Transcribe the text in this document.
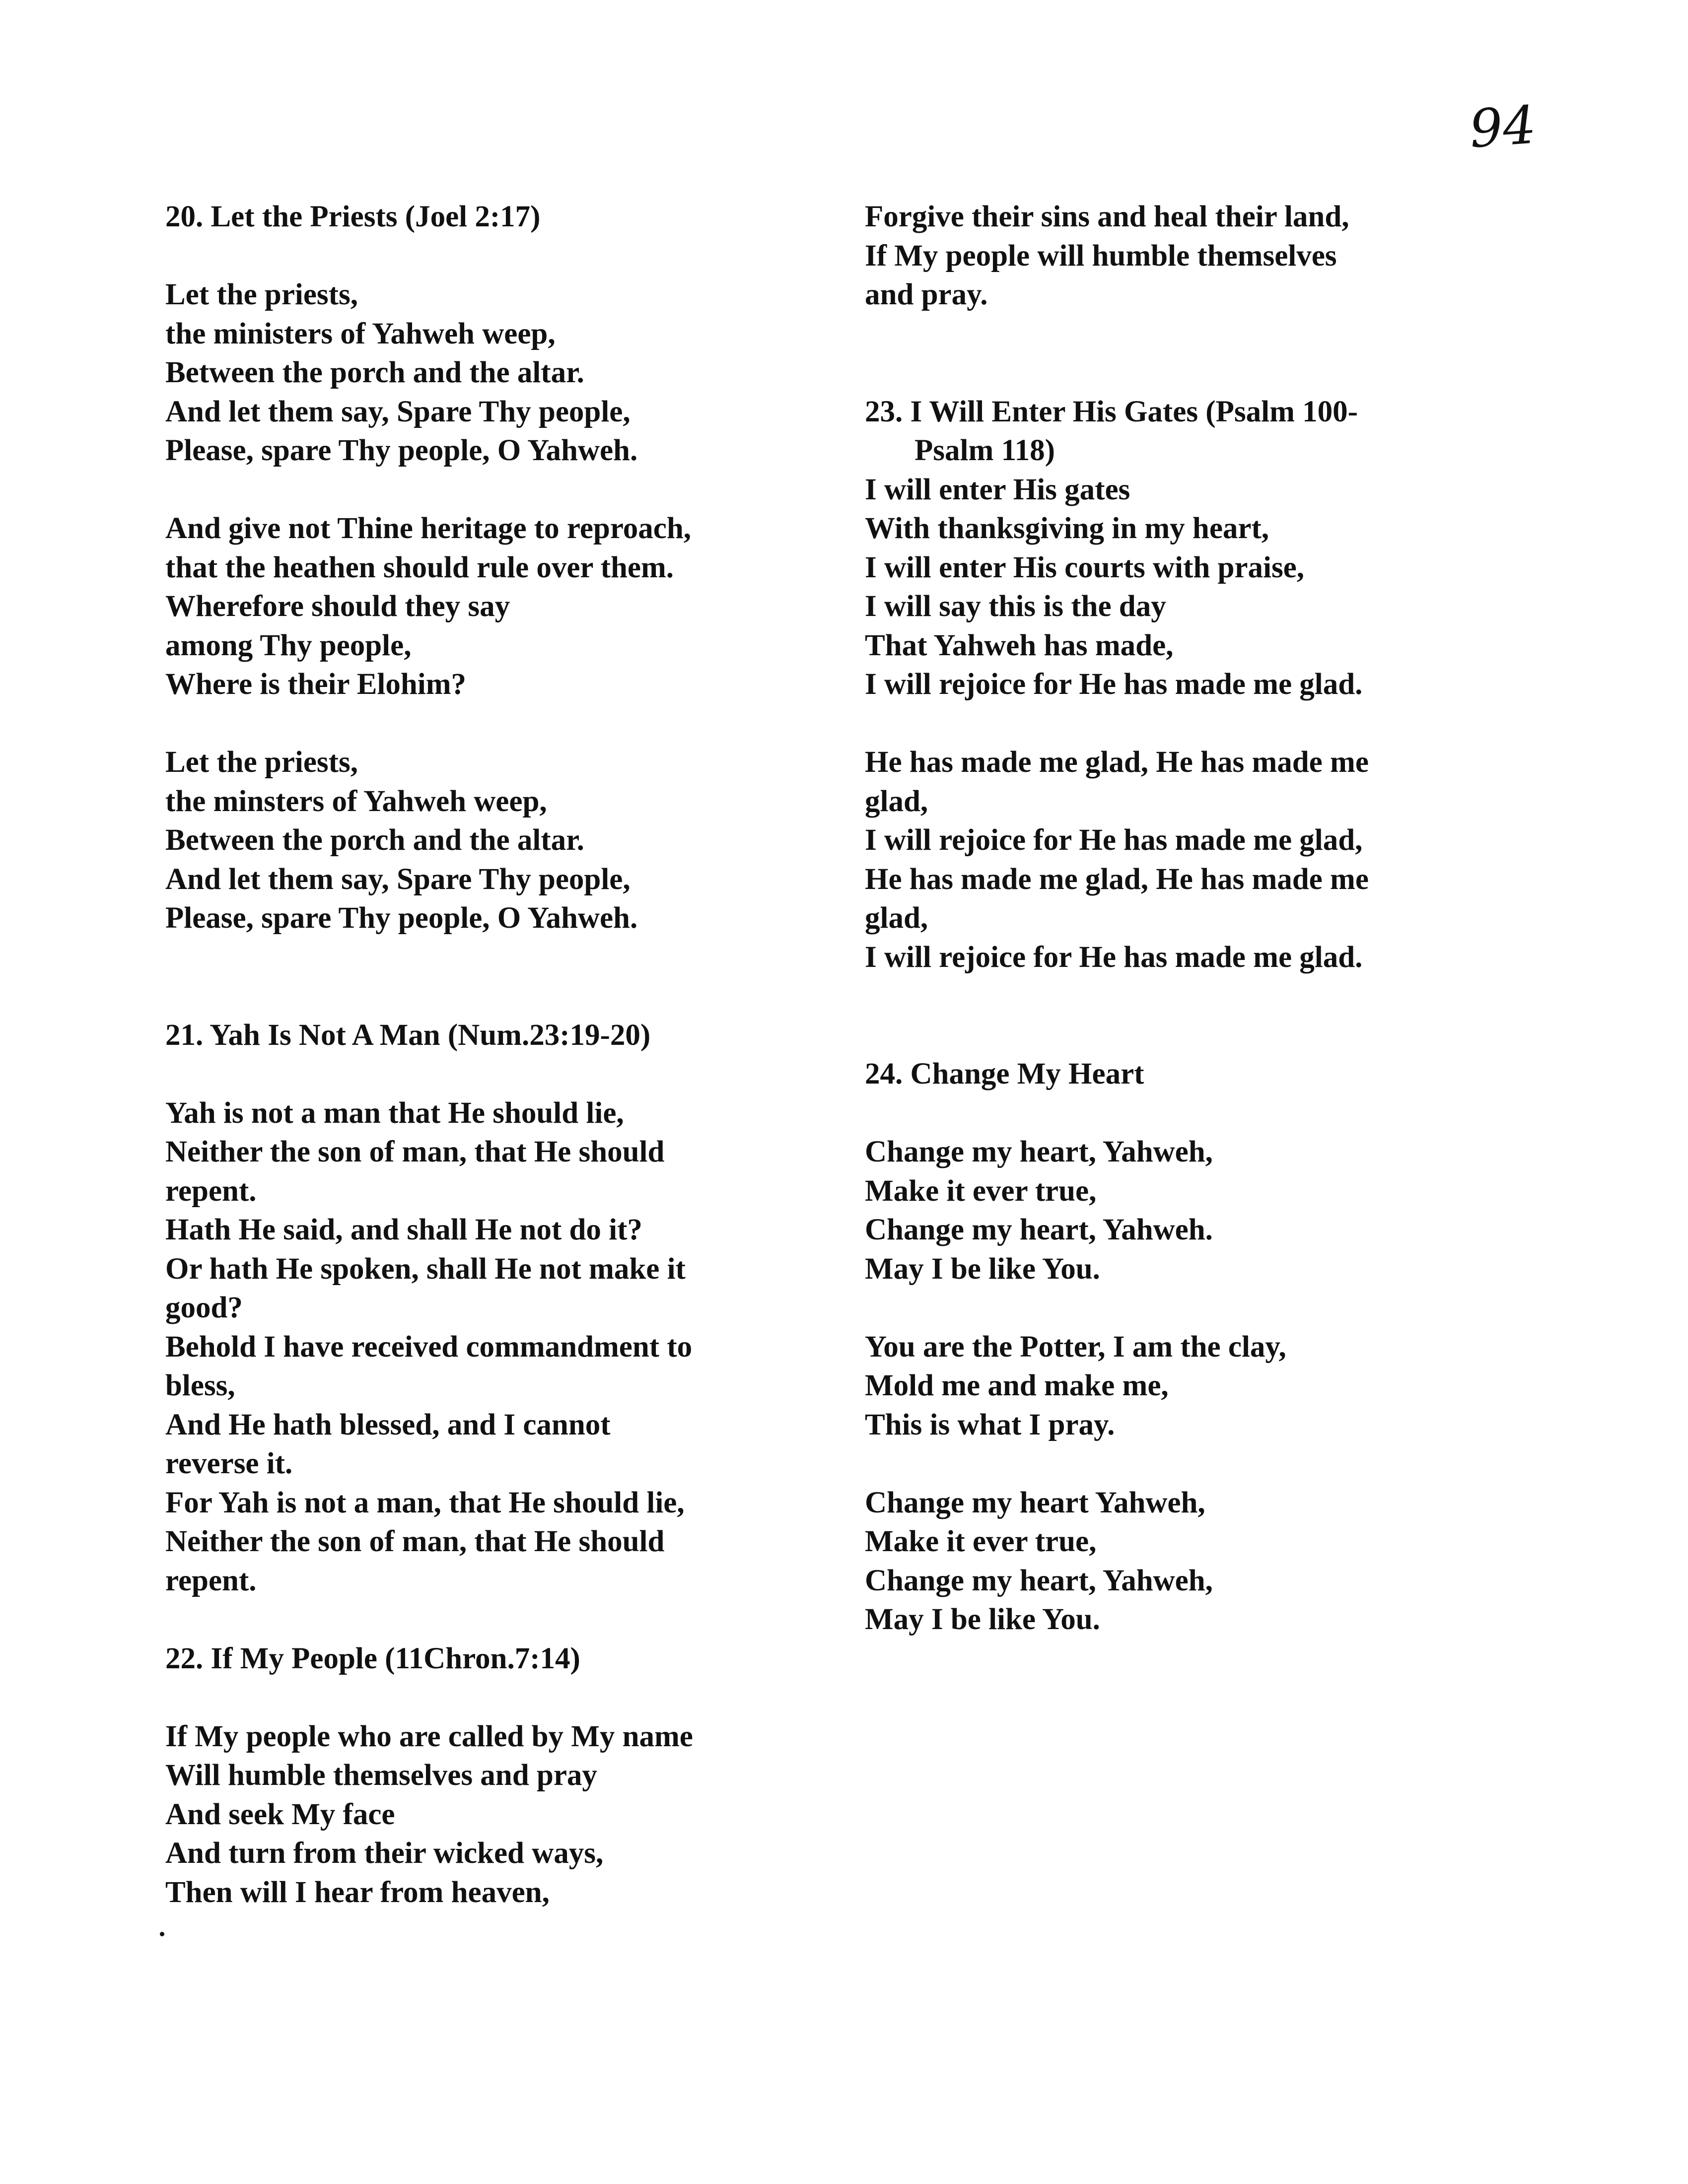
94

20. Let the Priests (Joel 2:17)

Let the priests,

the ministers of Yahweh weep,

Between the porch and the altar.

And let them say, Spare Thy people,

Please, spare Thy people, O Yahweh.

And give not Thine heritage to reproach,

that the heathen should rule over them.

Wherefore should they say

among Thy people,

Where is their Elohim?

Let the priests,

the minsters of Yahweh weep,

Between the porch and the altar.

And let them say, Spare Thy people,

Please, spare Thy people, O Yahweh.

21. Yah Is Not A Man (Num.23:19-20)

Yah is not a man that He should lie,

Neither the son of man, that He should

repent.

Hath He said, and shall He not do it?

Or hath He spoken, shall He not make it

good?

Behold I have received commandment to

bless,

And He hath blessed, and I cannot

reverse it.

For Yah is not a man, that He should lie,

Neither the son of man, that He should

repent.

22. If My People (11Chron.7:14)

If My people who are called by My name

Will humble themselves and pray

And seek My face

And turn from their wicked ways,

Then will I hear from heaven,

Forgive their sins and heal their land,

If My people will humble themselves

and pray.

23. I Will Enter His Gates (Psalm 100-

Psalm 118)

I will enter His gates

With thanksgiving in my heart,

I will enter His courts with praise,

I will say this is the day

That Yahweh has made,

I will rejoice for He has made me glad.

He has made me glad, He has made me

glad,

I will rejoice for He has made me glad,

He has made me glad, He has made me

glad,

I will rejoice for He has made me glad.

24. Change My Heart

Change my heart, Yahweh,

Make it ever true,

Change my heart, Yahweh.

May I be like You.

You are the Potter, I am the clay,

Mold me and make me,

This is what I pray.

Change my heart Yahweh,

Make it ever true,

Change my heart, Yahweh,

May I be like You.
